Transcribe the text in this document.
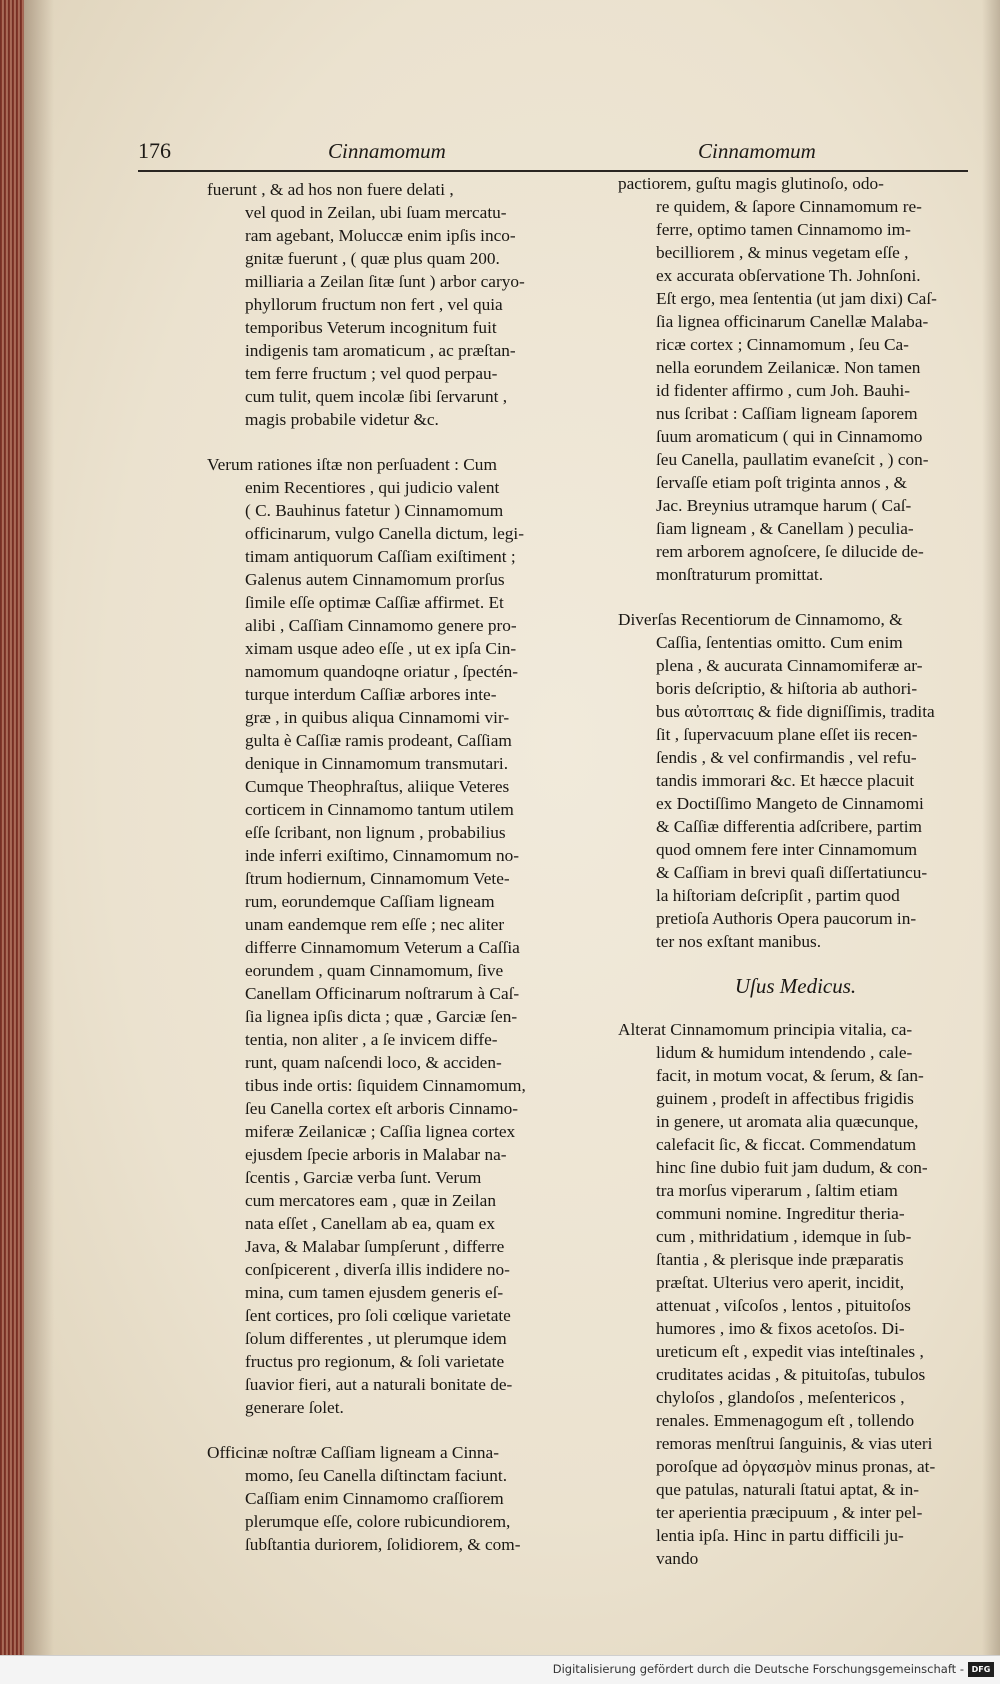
176	Cinnamomum	Cinnamomum
fuerunt , & ad hos non fuere delati ,
vel quod in Zeilan, ubi ſuam mercatu-
ram agebant, Moluccæ enim ipſis inco-
gnitæ fuerunt , ( quæ plus quam 200.
milliaria a Zeilan ſitæ ſunt ) arbor caryo-
phyllorum fructum non fert , vel quia
temporibus Veterum incognitum fuit
indigenis tam aromaticum , ac præſtan-
tem ferre fructum ; vel quod perpau-
cum tulit, quem incolæ ſibi ſervarunt ,
magis probabile videtur &c.
Verum rationes iſtæ non perſuadent : Cum
enim Recentiores , qui judicio valent
( C. Bauhinus fatetur ) Cinnamomum
officinarum, vulgo Canella dictum, legi-
timam antiquorum Caſſiam exiſtiment ;
Galenus autem Cinnamomum prorſus
ſimile eſſe optimæ Caſſiæ affirmet. Et
alibi , Caſſiam Cinnamomo genere pro-
ximam usque adeo eſſe , ut ex ipſa Cin-
namomum quandoqne oriatur , ſpectén-
turque interdum Caſſiæ arbores inte-
græ , in quibus aliqua Cinnamomi vir-
gulta è Caſſiæ ramis prodeant, Caſſiam
denique in Cinnamomum transmutari.
Cumque Theophraſtus, aliique Veteres
corticem in Cinnamomo tantum utilem
eſſe ſcribant, non lignum , probabilius
inde inferri exiſtimo, Cinnamomum no-
ſtrum hodiernum, Cinnamomum Vete-
rum, eorundemque Caſſiam ligneam
unam eandemque rem eſſe ; nec aliter
differre Cinnamomum Veterum a Caſſia
eorundem , quam Cinnamomum, ſive
Canellam Officinarum noſtrarum à Caſ-
ſia lignea ipſis dicta ; quæ , Garciæ ſen-
tentia, non aliter , a ſe invicem diffe-
runt, quam naſcendi loco, & acciden-
tibus inde ortis: ſiquidem Cinnamomum,
ſeu Canella cortex eſt arboris Cinnamo-
miferæ Zeilanicæ ; Caſſia lignea cortex
ejusdem ſpecie arboris in Malabar na-
ſcentis , Garciæ verba ſunt. Verum
cum mercatores eam , quæ in Zeilan
nata eſſet , Canellam ab ea, quam ex
Java, & Malabar ſumpſerunt , differre
conſpicerent , diverſa illis indidere no-
mina, cum tamen ejusdem generis eſ-
ſent cortices, pro ſoli cœlique varietate
ſolum differentes , ut plerumque idem
fructus pro regionum, & ſoli varietate
ſuavior fieri, aut a naturali bonitate de-
generare ſolet.
Officinæ noſtræ Caſſiam ligneam a Cinna-
momo, ſeu Canella diſtinctam faciunt.
Caſſiam enim Cinnamomo craſſiorem
plerumque eſſe, colore rubicundiorem,
ſubſtantia duriorem, ſolidiorem, & com-
pactiorem, guſtu magis glutinoſo, odo-
re quidem, & ſapore Cinnamomum re-
ferre, optimo tamen Cinnamomo im-
becilliorem , & minus vegetam eſſe ,
ex accurata obſervatione Th. Johnſoni.
Eſt ergo, mea ſententia (ut jam dixi) Caſ-
ſia lignea officinarum Canellæ Malaba-
ricæ cortex ; Cinnamomum , ſeu Ca-
nella eorundem Zeilanicæ. Non tamen
id fidenter affirmo , cum Joh. Bauhi-
nus ſcribat : Caſſiam ligneam ſaporem
ſuum aromaticum ( qui in Cinnamomo
ſeu Canella, paullatim evaneſcit , ) con-
ſervaſſe etiam poſt triginta annos , &
Jac. Breynius utramque harum ( Caſ-
ſiam ligneam , & Canellam ) peculia-
rem arborem agnoſcere, ſe dilucide de-
monſtraturum promittat.
Diverſas Recentiorum de Cinnamomo, &
Caſſia, ſententias omitto. Cum enim
plena , & aucurata Cinnamomiferæ ar-
boris deſcriptio, & hiſtoria ab authori-
bus αὐτοπταις & fide digniſſimis, tradita
ſit , ſupervacuum plane eſſet iis recen-
ſendis , & vel confirmandis , vel refu-
tandis immorari &c. Et hæcce placuit
ex Doctiſſimo Mangeto de Cinnamomi
& Caſſiæ differentia adſcribere, partim
quod omnem fere inter Cinnamomum
& Caſſiam in brevi quaſi diſſertatiuncu-
la hiſtoriam deſcripſit , partim quod
pretioſa Authoris Opera paucorum in-
ter nos exſtant manibus.
Uſus Medicus.
Alterat Cinnamomum principia vitalia, ca-
lidum & humidum intendendo , cale-
facit, in motum vocat, & ſerum, & ſan-
guinem , prodeſt in affectibus frigidis
in genere, ut aromata alia quæcunque,
calefacit ſic, & ficcat. Commendatum
hinc ſine dubio fuit jam dudum, & con-
tra morſus viperarum , ſaltim etiam
communi nomine. Ingreditur theria-
cum , mithridatium , idemque in ſub-
ſtantia , & plerisque inde præparatis
præſtat. Ulterius vero aperit, incidit,
attenuat , viſcoſos , lentos , pituitoſos
humores , imo & fixos acetoſos. Di-
ureticum eſt , expedit vias inteſtinales ,
cruditates acidas , & pituitoſas, tubulos
chyloſos , glandoſos , meſentericos ,
renales. Emmenagogum eſt , tollendo
remoras menſtrui ſanguinis, & vias uteri
poroſque ad ὀργασμὸν minus pronas, at-
que patulas, naturali ſtatui aptat, & in-
ter aperientia præcipuum , & inter pel-
lentia ipſa. Hinc in partu difficili ju-
vando
Digitalisierung gefördert durch die Deutsche Forschungsgemeinschaft - DFG
